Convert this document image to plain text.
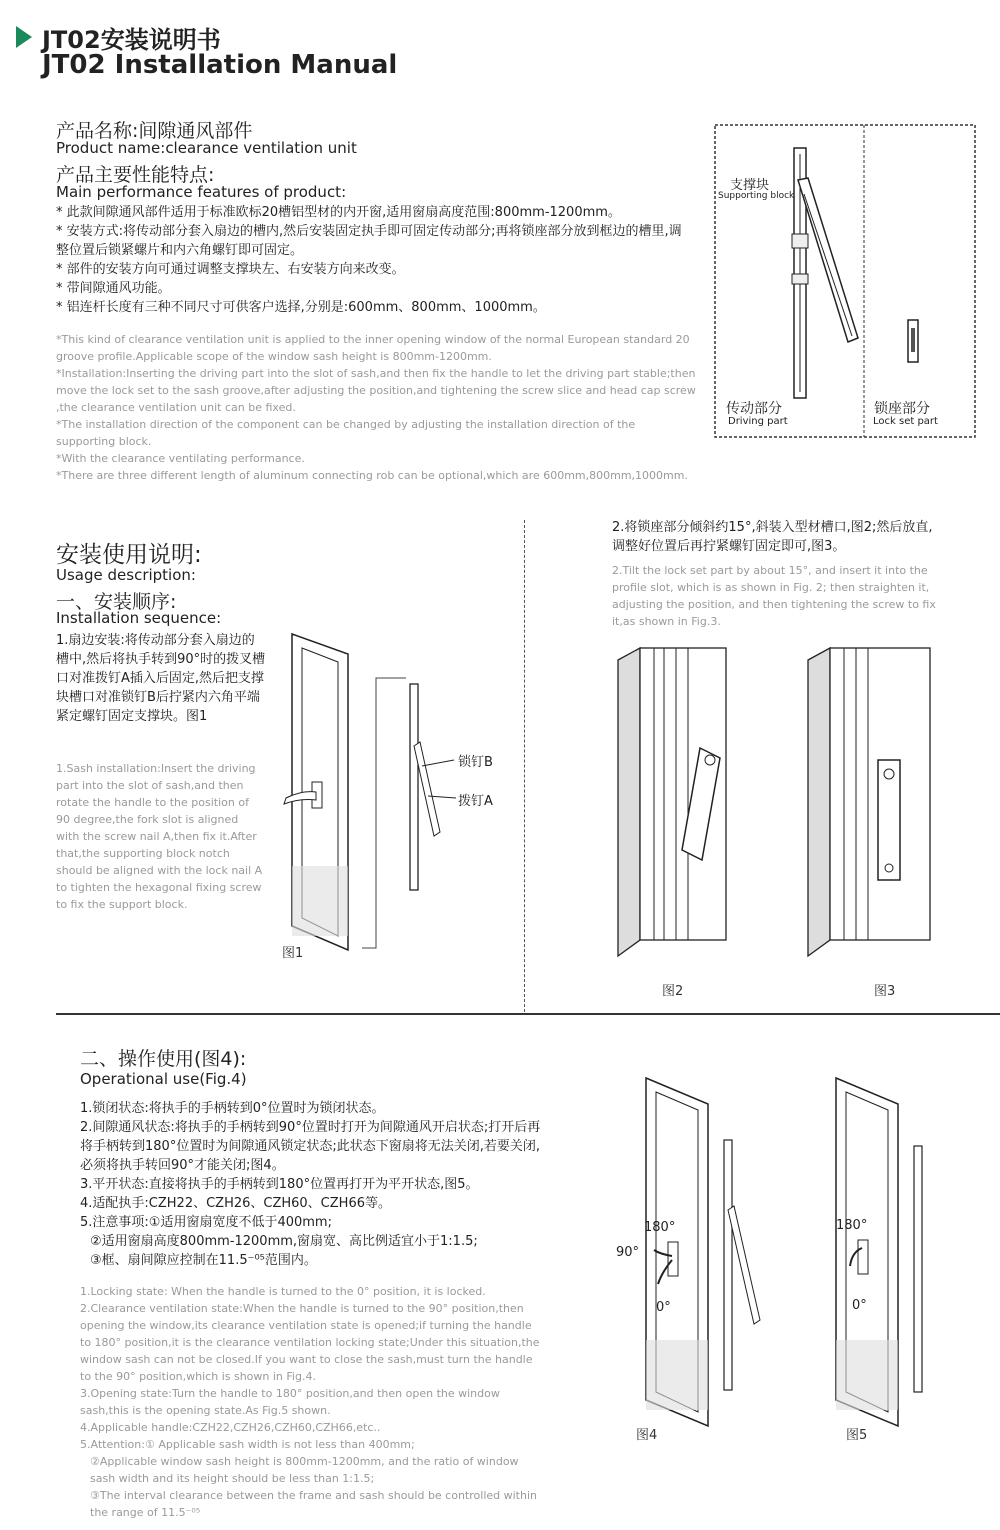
JT02安装说明书
JT02 Installation Manual
产品名称:间隙通风部件
Product name:clearance ventilation unit
产品主要性能特点:
Main performance features of product:
* 此款间隙通风部件适用于标准欧标20槽铝型材的内开窗,适用窗扇高度范围:800mm-1200mm。
* 安装方式:将传动部分套入扇边的槽内,然后安装固定执手即可固定传动部分;再将锁座部分放到框边的槽里,调整位置后锁紧螺片和内六角螺钉即可固定。
* 部件的安装方向可通过调整支撑块左、右安装方向来改变。
* 带间隙通风功能。
* 铝连杆长度有三种不同尺寸可供客户选择,分别是:600mm、800mm、1000mm。
*This kind of clearance ventilation unit is applied to the inner opening window of the normal European standard 20 groove profile.Applicable scope of the window sash height is 800mm-1200mm.
*Installation:Inserting the driving part into the slot of sash,and then fix the handle to let the driving part stable;then move the lock set to the sash groove,after adjusting the position,and tightening the screw slice and head cap screw ,the clearance ventilation unit can be fixed.
*The installation direction of the component can be changed by adjusting the installation direction of the supporting block.
*With the clearance ventilating performance.
*There are three different length of aluminum connecting rob can be optional,which are 600mm,800mm,1000mm.
支撑块
Supporting block
传动部分
Driving part
锁座部分
Lock set part
安装使用说明:
Usage description:
一、安装顺序:
Installation sequence:
1.扇边安装:将传动部分套入扇边的槽中,然后将执手转到90°时的拨叉槽口对准拨钉A插入后固定,然后把支撑块槽口对准锁钉B后拧紧内六角平端紧定螺钉固定支撑块。图1
1.Sash installation:Insert the driving part into the slot of sash,and then rotate the handle to the position of 90 degree,the fork slot is aligned with the screw nail A,then fix it.After that,the supporting block notch should be aligned with the lock nail A to tighten the hexagonal fixing screw to fix the support block.
锁钉B
拨钉A
图1
2.将锁座部分倾斜约15°,斜装入型材槽口,图2;然后放直,调整好位置后再拧紧螺钉固定即可,图3。
2.Tilt the lock set part by about 15°, and insert it into the profile slot, which is as shown in Fig. 2; then straighten it, adjusting the position, and then tightening the screw to fix it,as shown in Fig.3.
图2	图3
二、操作使用(图4):
Operational use(Fig.4)
1.锁闭状态:将执手的手柄转到0°位置时为锁闭状态。
2.间隙通风状态:将执手的手柄转到90°位置时打开为间隙通风开启状态;打开后再将手柄转到180°位置时为间隙通风锁定状态;此状态下窗扇将无法关闭,若要关闭,必须将执手转回90°才能关闭;图4。
3.平开状态:直接将执手的手柄转到180°位置再打开为平开状态,图5。
4.适配执手:CZH22、CZH26、CZH60、CZH66等。
5.注意事项:①适用窗扇宽度不低于400mm;
②适用窗扇高度800mm-1200mm,窗扇宽、高比例适宜小于1:1.5;
③框、扇间隙应控制在11.5⁻⁰⁵范围内。
1.Locking state: When the handle is turned to the 0° position, it is locked.
2.Clearance ventilation state:When the handle is turned to the 90° position,then opening the window,its clearance ventilation state is opened;if turning the handle to 180° position,it is the clearance ventilation locking state;Under this situation,the window sash can not be closed.If you want to close the sash,must turn the handle to the 90° position,which is shown in Fig.4.
3.Opening state:Turn the handle to 180° position,and then open the window sash,this is the opening state.As Fig.5 shown.
4.Applicable handle:CZH22,CZH26,CZH60,CZH66,etc..
5.Attention:① Applicable sash width is not less than 400mm;
②Applicable window sash height is 800mm-1200mm, and the ratio of window sash width and its height should be less than 1:1.5;
③The interval clearance between the frame and sash should be controlled within the range of 11.5⁻⁰⁵
180°
90°
0°
180°
0°
图4	图5
